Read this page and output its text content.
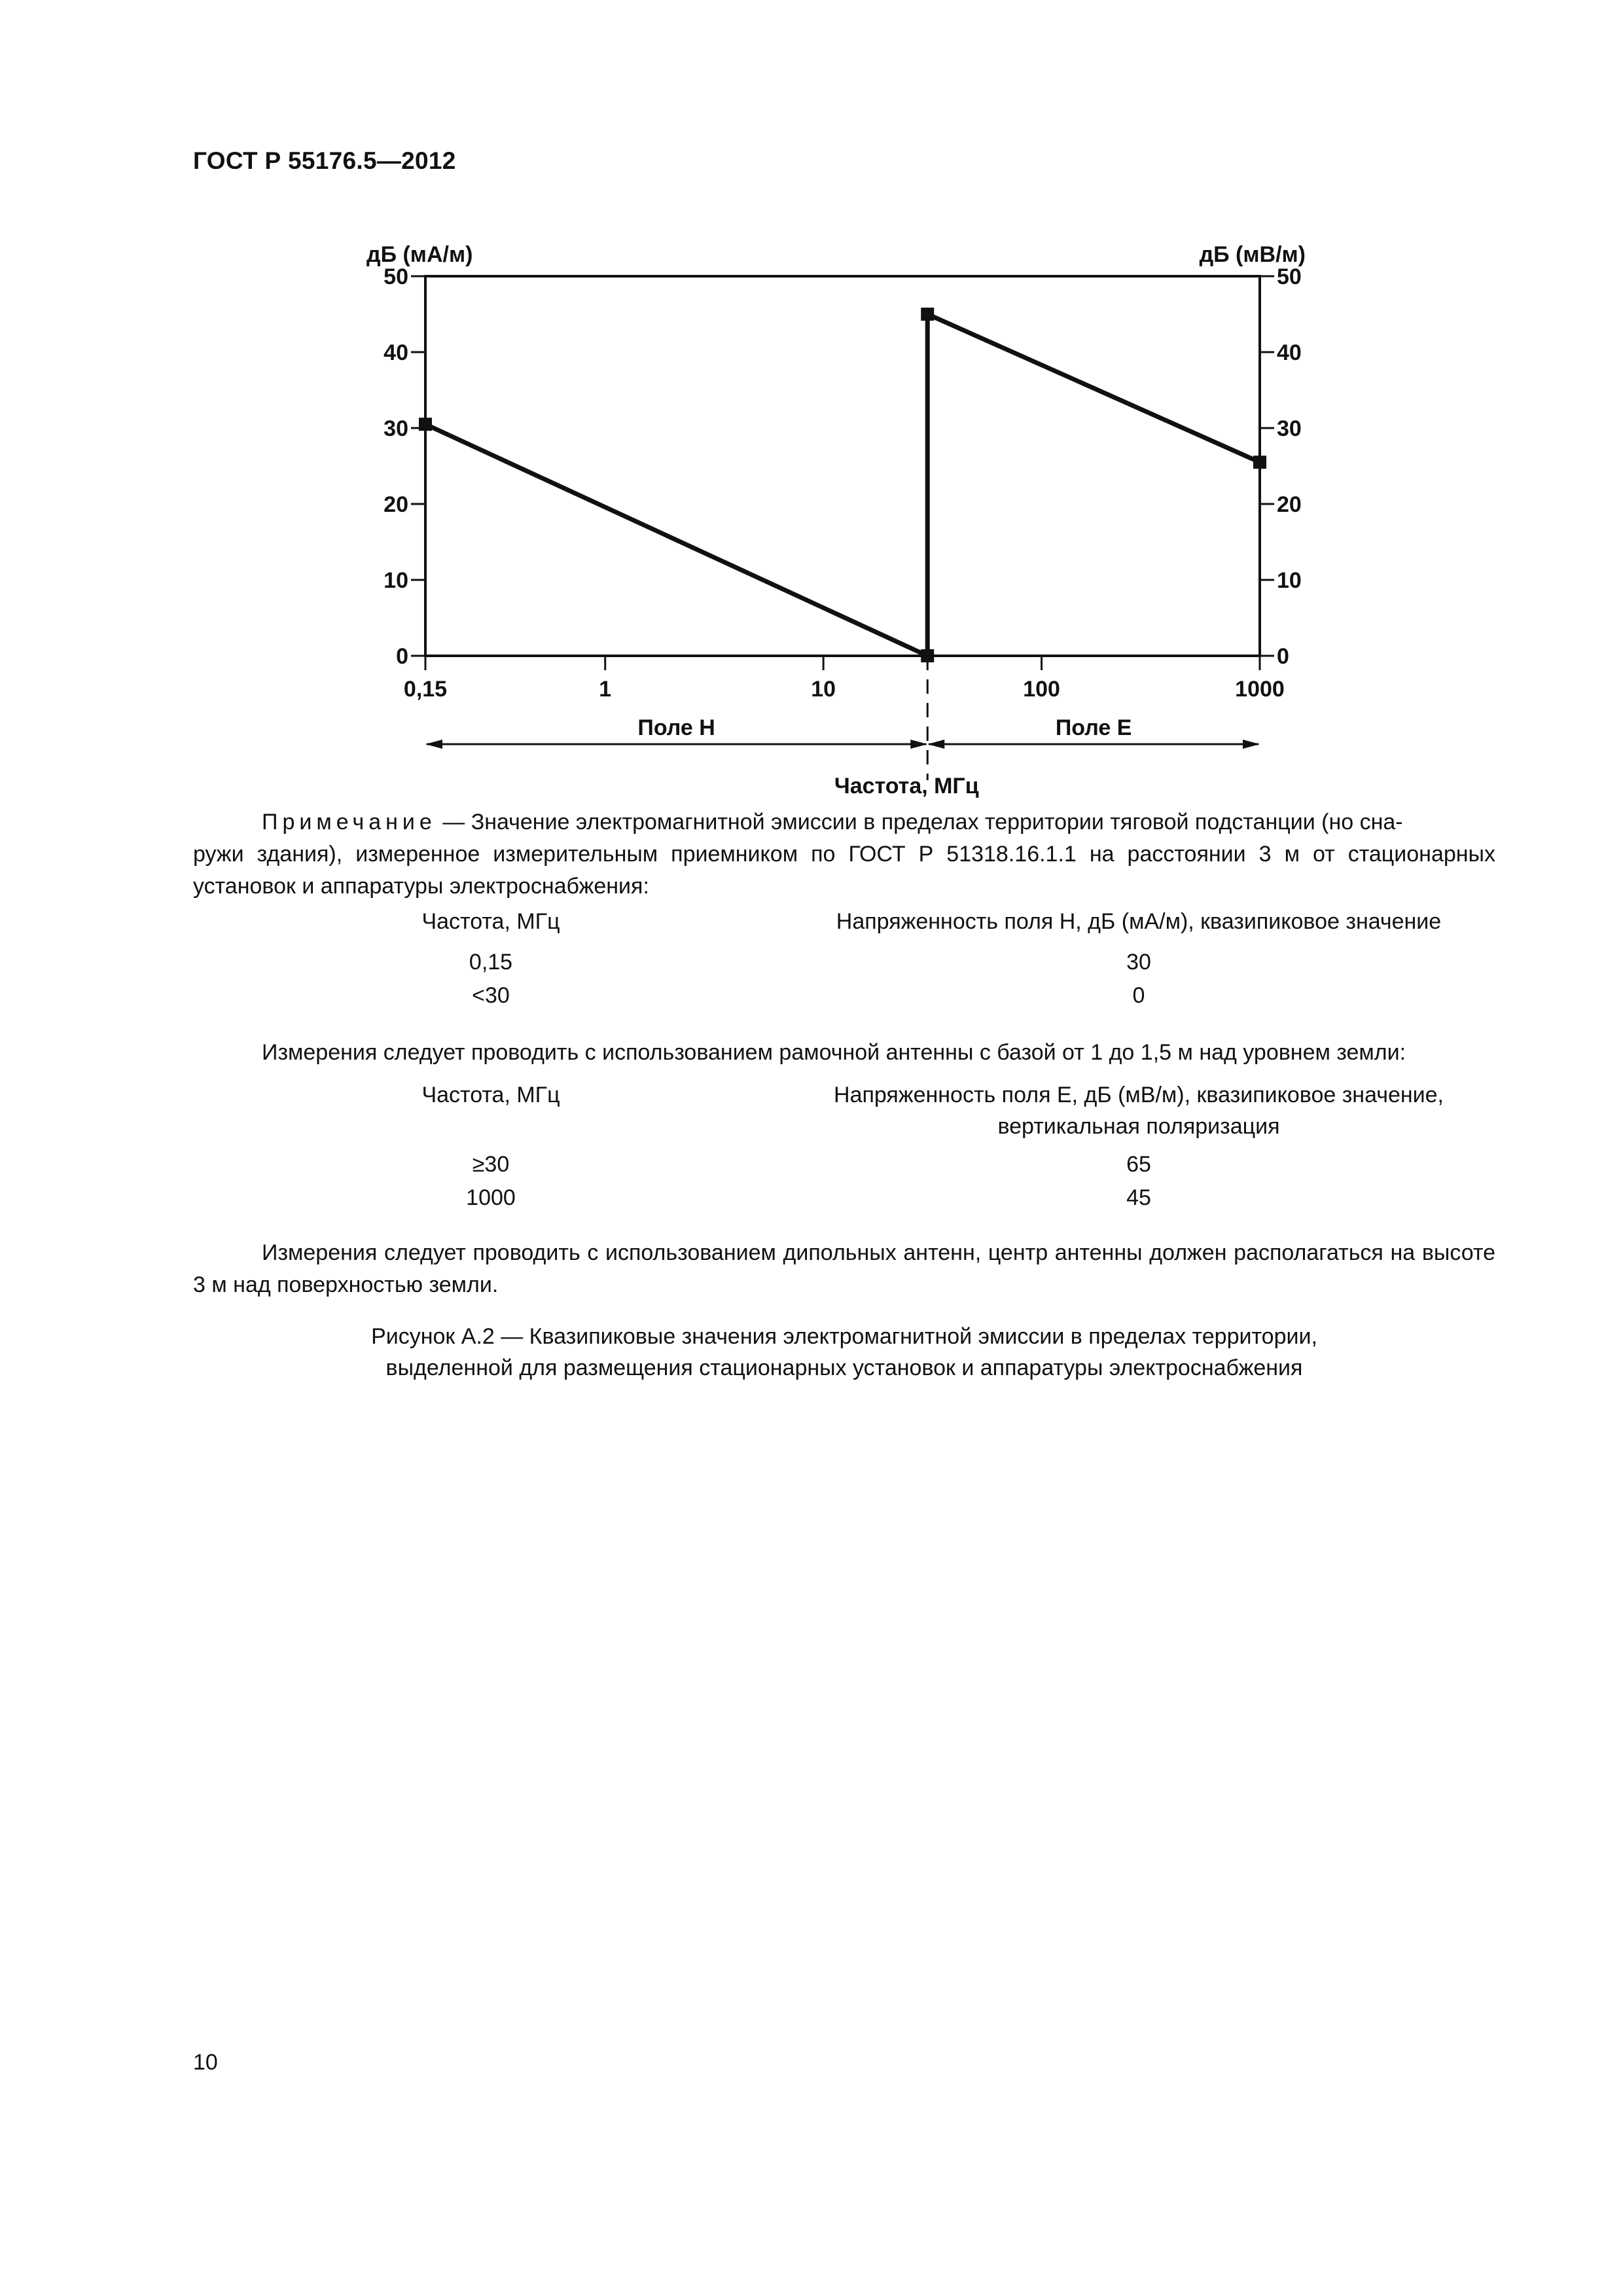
ГОСТ Р 55176.5—2012
0	0
10	10
20	20
30	30
40	40
50	50
0,15	1	10	100	1000
дБ (мА/м)	дБ (мВ/м)
Поле H	Поле E
Частота, МГц
Примечание — Значение электромагнитной эмиссии в пределах территории тяговой подстанции (но сна-
ружи здания), измеренное измерительным приемником по ГОСТ Р 51318.16.1.1 на расстоянии 3 м от стационарных установок и аппаратуры электроснабжения:
Частота, МГц	Напряженность поля H, дБ (мА/м), квазипиковое значение
0,15	30
<30	0
Измерения следует проводить с использованием рамочной антенны с базой от 1 до 1,5 м над уровнем земли:
Частота, МГц	Напряженность поля E, дБ (мВ/м), квазипиковое значение,
вертикальная поляризация
≥30	65
1000	45
Измерения следует проводить с использованием дипольных антенн, центр антенны должен располагаться на высоте 3 м над поверхностью земли.
Рисунок А.2 — Квазипиковые значения электромагнитной эмиссии в пределах территории,
выделенной для размещения стационарных установок и аппаратуры электроснабжения
10
